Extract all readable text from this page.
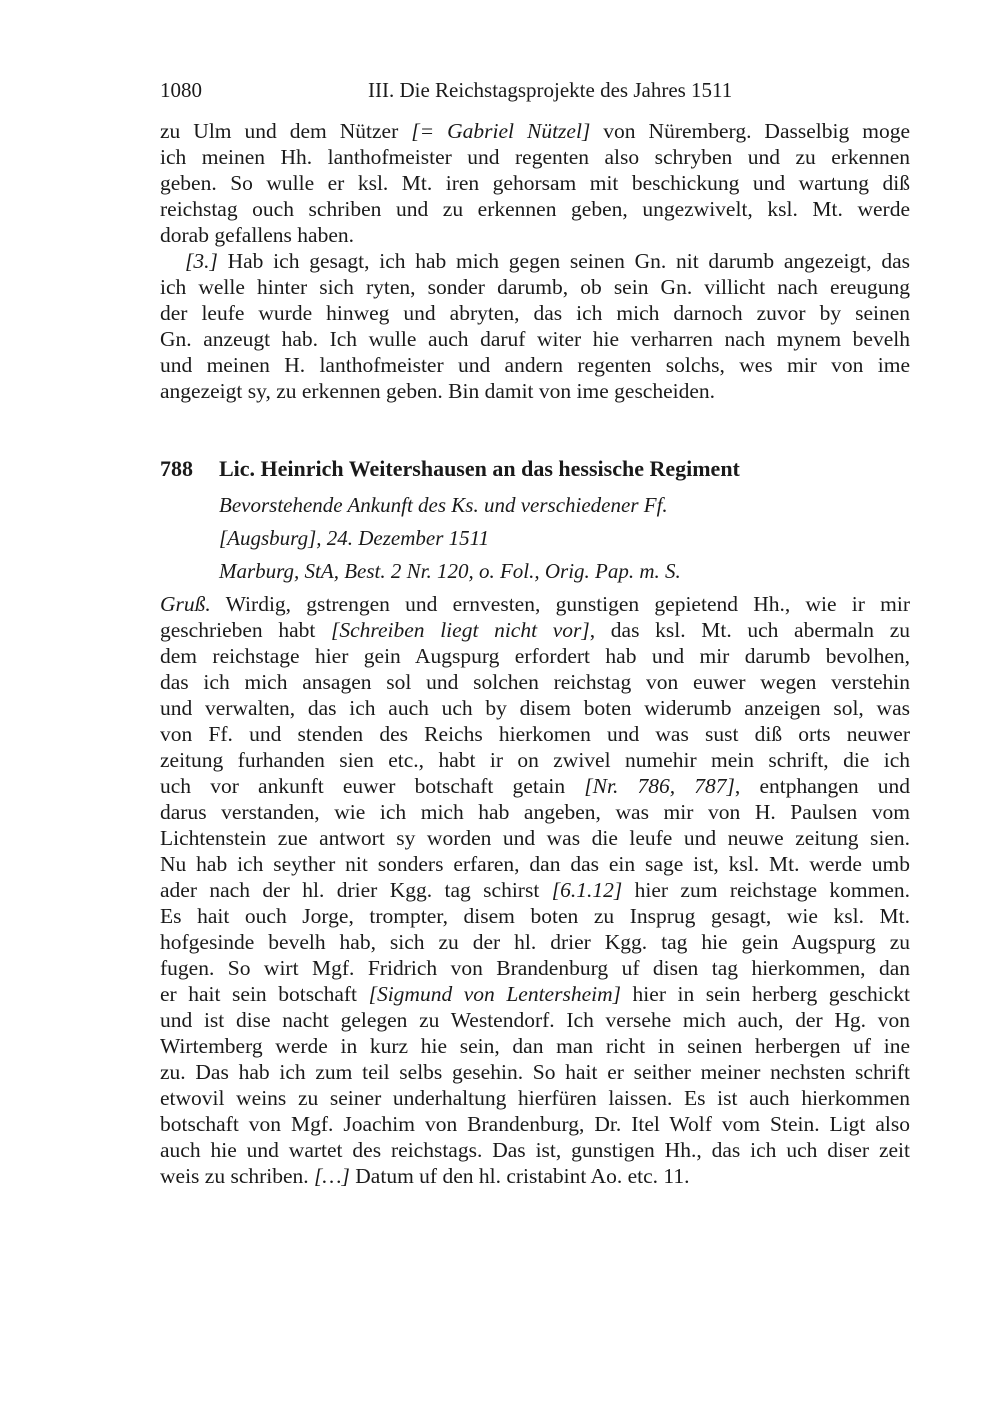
1080	III. Die Reichstagsprojekte des Jahres 1511
zu Ulm und dem Nützer [= Gabriel Nützel] von Nüremberg. Dasselbig moge
ich meinen Hh. lanthofmeister und regenten also schryben und zu erkennen
geben. So wulle er ksl. Mt. iren gehorsam mit beschickung und wartung diß
reichstag ouch schriben und zu erkennen geben, ungezwivelt, ksl. Mt. werde
dorab gefallens haben.
[3.] Hab ich gesagt, ich hab mich gegen seinen Gn. nit darumb angezeigt, das
ich welle hinter sich ryten, sonder darumb, ob sein Gn. villicht nach ereugung
der leufe wurde hinweg und abryten, das ich mich darnoch zuvor by seinen
Gn. anzeugt hab. Ich wulle auch daruf witer hie verharren nach mynem bevelh
und meinen H. lanthofmeister und andern regenten solchs, wes mir von ime
angezeigt sy, zu erkennen geben. Bin damit von ime gescheiden.
788 Lic. Heinrich Weitershausen an das hessische Regiment
Bevorstehende Ankunft des Ks. und verschiedener Ff.
[Augsburg], 24. Dezember 1511
Marburg, StA, Best. 2 Nr. 120, o. Fol., Orig. Pap. m. S.
Gruß. Wirdig, gstrengen und ernvesten, gunstigen gepietend Hh., wie ir mir
geschrieben habt [Schreiben liegt nicht vor], das ksl. Mt. uch abermaln zu
dem reichstage hier gein Augspurg erfordert hab und mir darumb bevolhen,
das ich mich ansagen sol und solchen reichstag von euwer wegen verstehin
und verwalten, das ich auch uch by disem boten widerumb anzeigen sol, was
von Ff. und stenden des Reichs hierkomen und was sust diß orts neuwer
zeitung furhanden sien etc., habt ir on zwivel numehir mein schrift, die ich
uch vor ankunft euwer botschaft getain [Nr. 786, 787], entphangen und
darus verstanden, wie ich mich hab angeben, was mir von H. Paulsen vom
Lichtenstein zue antwort sy worden und was die leufe und neuwe zeitung sien.
Nu hab ich seyther nit sonders erfaren, dan das ein sage ist, ksl. Mt. werde umb
ader nach der hl. drier Kgg. tag schirst [6.1.12] hier zum reichstage kommen.
Es hait ouch Jorge, trompter, disem boten zu Insprug gesagt, wie ksl. Mt.
hofgesinde bevelh hab, sich zu der hl. drier Kgg. tag hie gein Augspurg zu
fugen. So wirt Mgf. Fridrich von Brandenburg uf disen tag hierkommen, dan
er hait sein botschaft [Sigmund von Lentersheim] hier in sein herberg geschickt
und ist dise nacht gelegen zu Westendorf. Ich versehe mich auch, der Hg. von
Wirtemberg werde in kurz hie sein, dan man richt in seinen herbergen uf ine
zu. Das hab ich zum teil selbs gesehin. So hait er seither meiner nechsten schrift
etwovil weins zu seiner underhaltung hierfüren laissen. Es ist auch hierkommen
botschaft von Mgf. Joachim von Brandenburg, Dr. Itel Wolf vom Stein. Ligt also
auch hie und wartet des reichstags. Das ist, gunstigen Hh., das ich uch diser zeit
weis zu schriben. […] Datum uf den hl. cristabint Ao. etc. 11.
